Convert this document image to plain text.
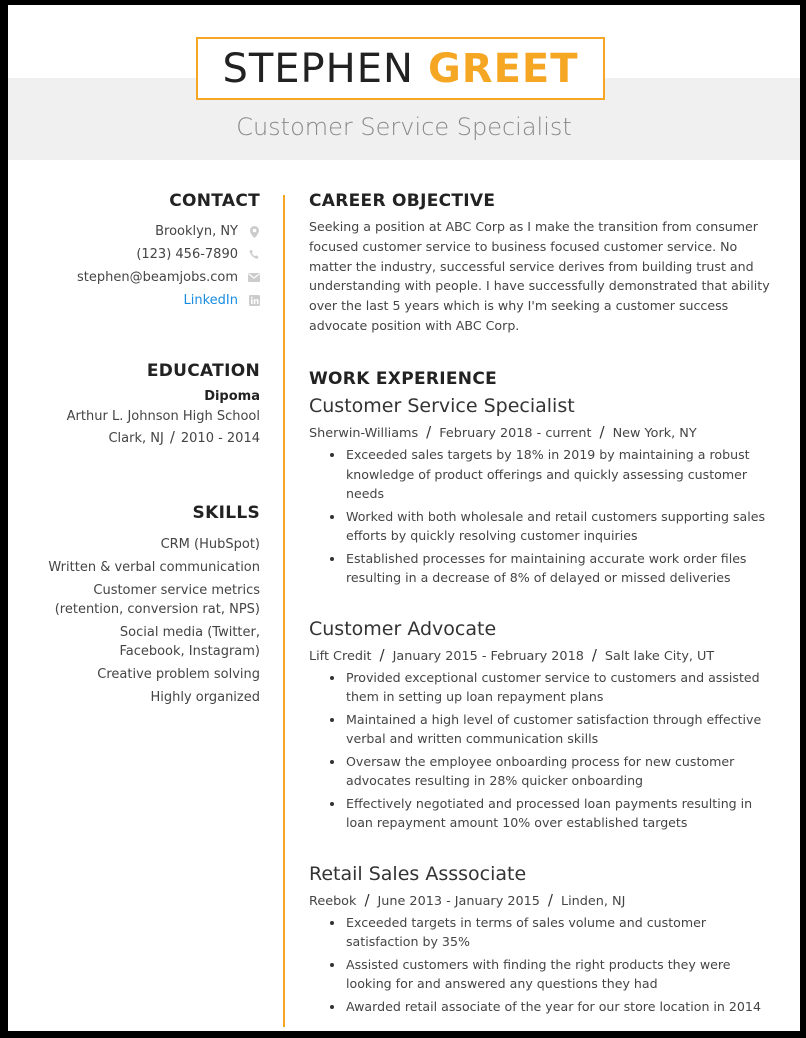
STEPHEN GREET
Customer Service Specialist
CONTACT
Brooklyn, NY
(123) 456-7890
stephen@beamjobs.com
LinkedIn
EDUCATION
Dipoma
Arthur L. Johnson High School
Clark, NJ / 2010 - 2014
SKILLS
CRM (HubSpot)
Written & verbal communication
Customer service metrics (retention, conversion rat, NPS)
Social media (Twitter, Facebook, Instagram)
Creative problem solving
Highly organized
CAREER OBJECTIVE
Seeking a position at ABC Corp as I make the transition from consumer focused customer service to business focused customer service. No matter the industry, successful service derives from building trust and understanding with people. I have successfully demonstrated that ability over the last 5 years which is why I'm seeking a customer success advocate position with ABC Corp.
WORK EXPERIENCE
Customer Service Specialist
Sherwin-Williams / February 2018 - current / New York, NY
Exceeded sales targets by 18% in 2019 by maintaining a robust knowledge of product offerings and quickly assessing customer needs
Worked with both wholesale and retail customers supporting sales efforts by quickly resolving customer inquiries
Established processes for maintaining accurate work order files resulting in a decrease of 8% of delayed or missed deliveries
Customer Advocate
Lift Credit / January 2015 - February 2018 / Salt lake City, UT
Provided exceptional customer service to customers and assisted them in setting up loan repayment plans
Maintained a high level of customer satisfaction through effective verbal and written communication skills
Oversaw the employee onboarding process for new customer advocates resulting in 28% quicker onboarding
Effectively negotiated and processed loan payments resulting in loan repayment amount 10% over established targets
Retail Sales Asssociate
Reebok / June 2013 - January 2015 / Linden, NJ
Exceeded targets in terms of sales volume and customer satisfaction by 35%
Assisted customers with finding the right products they were looking for and answered any questions they had
Awarded retail associate of the year for our store location in 2014
